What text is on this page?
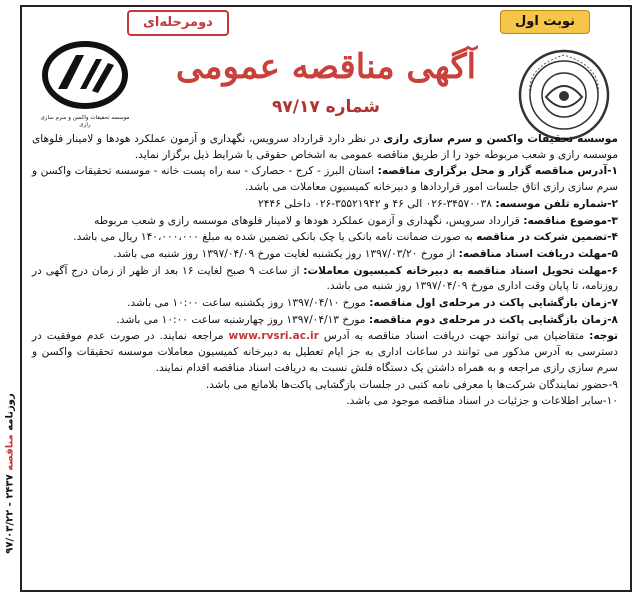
نوبت اول
دومرحله‌ای
موسسه تحقیقات واکسن و سرم سازی رازی
آگهی مناقصه عمومی
شماره ۹۷/۱۷

موسسه تحقیقات واکسن و سرم سازی رازی در نظر دارد قرارداد سرویس، نگهداری و آزمون عملکرد هودها و لامینار فلوهای موسسه رازی و شعب مربوطه خود را از طریق مناقصه عمومی به اشخاص حقوقی با شرایط ذیل برگزار نماید.

۱-آدرس مناقصه گزار و محل برگزاری مناقصه: استان البرز - کرج - حصارک - سه راه پست خانه - موسسه تحقیقات واکسن و سرم سازی رازی اتاق جلسات امور قراردادها و دبیرخانه کمیسیون معاملات می باشد.

۲-شماره تلفن موسسه: ۳۴۵۷۰۰۳۸-۰۲۶ الی ۴۶ و ۳۵۵۲۱۹۴۲-۰۲۶ داخلی ۲۴۴۶

۳-موضوع مناقصه: قرارداد سرویس، نگهداری و آزمون عملکرد هودها و لامینار فلوهای موسسه رازی و شعب مربوطه

۴-تضمین شرکت در مناقصه به صورت ضمانت نامه بانکی یا چک بانکی تضمین شده به مبلغ ۱۴۰،۰۰۰،۰۰۰ ریال می باشد.

۵-مهلت دریافت اسناد مناقصه: از مورخ ۱۳۹۷/۰۳/۲۰ روز یکشنبه لغایت مورخ ۱۳۹۷/۰۴/۰۹ روز شنبه می باشد.

۶-مهلت تحویل اسناد مناقصه به دبیرخانه کمیسیون معاملات: از ساعت ۹ صبح لغایت ۱۶ بعد از ظهر از زمان درج آگهی در روزنامه، تا پایان وقت اداری مورخ ۱۳۹۷/۰۴/۰۹ روز شنبه می باشد.

۷-زمان بازگشایی پاکت در مرحله‌ی اول مناقصه: مورخ ۱۳۹۷/۰۴/۱۰ روز یکشنبه ساعت ۱۰:۰۰ می باشد.

۸-زمان بازگشایی پاکت در مرحله‌ی دوم مناقصه: مورخ ۱۳۹۷/۰۴/۱۳ روز چهارشنبه ساعت ۱۰:۰۰ می باشد.

توجه: متقاضیان می توانند جهت دریافت اسناد مناقصه به آدرس www.rvsri.ac.ir مراجعه نمایند. در صورت عدم موفقیت در دسترسی به آدرس مذکور می توانند در ساعات اداری به جز ایام تعطیل به دبیرخانه کمیسیون معاملات موسسه تحقیقات واکسن و سرم سازی رازی مراجعه و به همراه داشتن یک دستگاه فلش نسبت به دریافت اسناد مناقصه اقدام نمایند.

۹-حضور نمایندگان شرکت‌ها با معرفی نامه کتبی در جلسات بازگشایی پاکت‌ها بلامانع می باشد.

۱۰-سایر اطلاعات و جزئیات در اسناد مناقصه موجود می باشد.

روزنامه مناقصه ۲۴۳۷ - ۹۷/۰۳/۲۲
